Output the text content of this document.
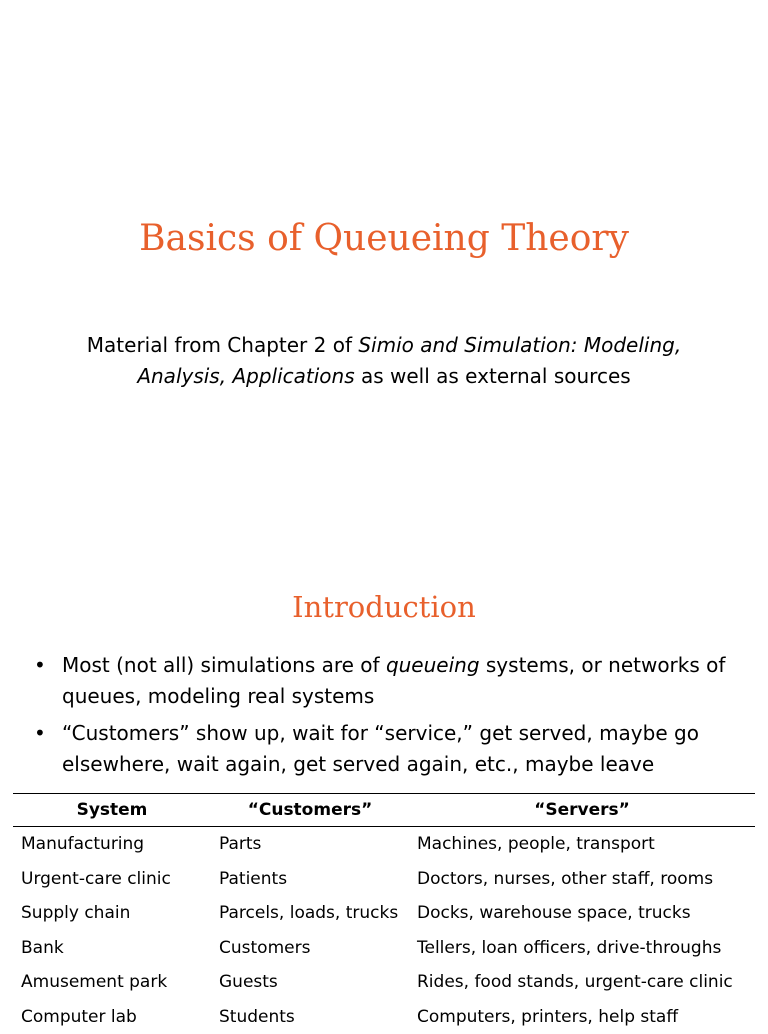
Basics of Queueing Theory
Material from Chapter 2 of Simio and Simulation: Modeling, Analysis, Applications as well as external sources
Introduction
• Most (not all) simulations are of queueing systems, or networks of queues, modeling real systems
• “Customers” show up, wait for “service,” get served, maybe go elsewhere, wait again, get served again, etc., maybe leave
System	“Customers”	“Servers”
Manufacturing	Parts	Machines, people, transport
Urgent-care clinic	Patients	Doctors, nurses, other staff, rooms
Supply chain	Parcels, loads, trucks	Docks, warehouse space, trucks
Bank	Customers	Tellers, loan officers, drive-throughs
Amusement park	Guests	Rides, food stands, urgent-care clinic
Computer lab	Students	Computers, printers, help staff
